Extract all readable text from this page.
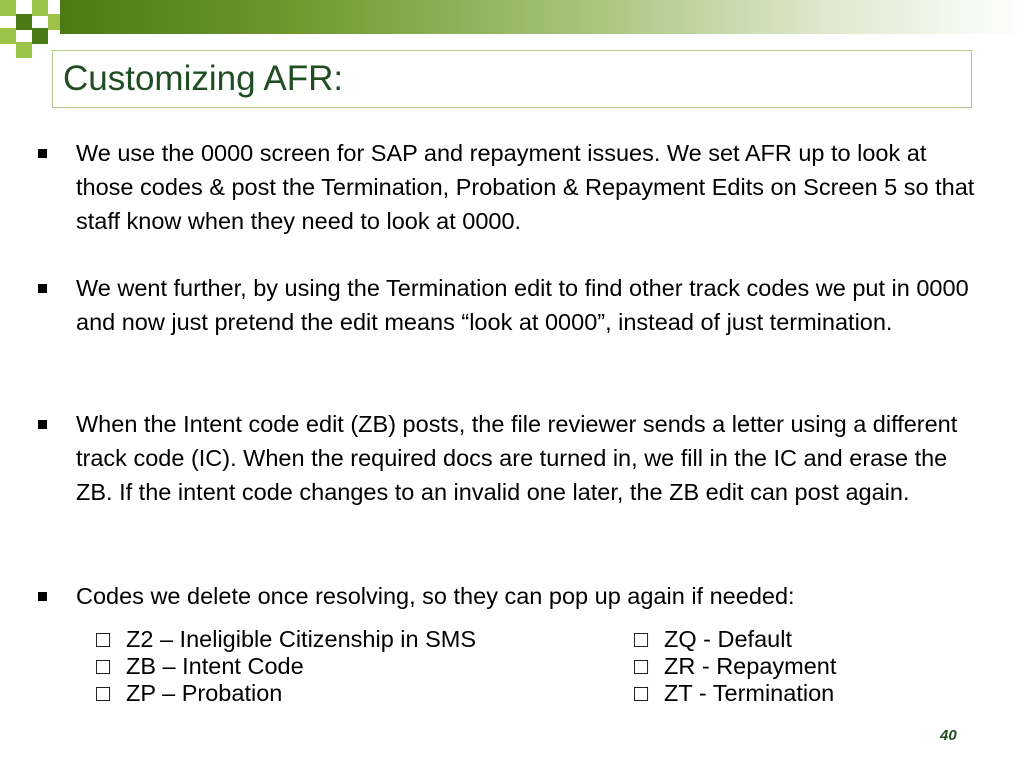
Customizing AFR:
We use the 0000 screen for SAP and repayment issues. We set AFR up to look at those codes & post the Termination, Probation & Repayment Edits on Screen 5 so that staff know when they need to look at 0000.
We went further, by using the Termination edit to find other track codes we put in 0000 and now just pretend the edit means “look at 0000”, instead of just termination.
When the Intent code edit (ZB) posts, the file reviewer sends a letter using a different track code (IC). When the required docs are turned in, we fill in the IC and erase the ZB. If the intent code changes to an invalid one later, the ZB edit can post again.
Codes we delete once resolving, so they can pop up again if needed:
□ Z2 – Ineligible Citizenship in SMS
□ ZB – Intent Code
□ ZP – Probation
□ ZQ - Default
□ ZR - Repayment
□ ZT - Termination
40
